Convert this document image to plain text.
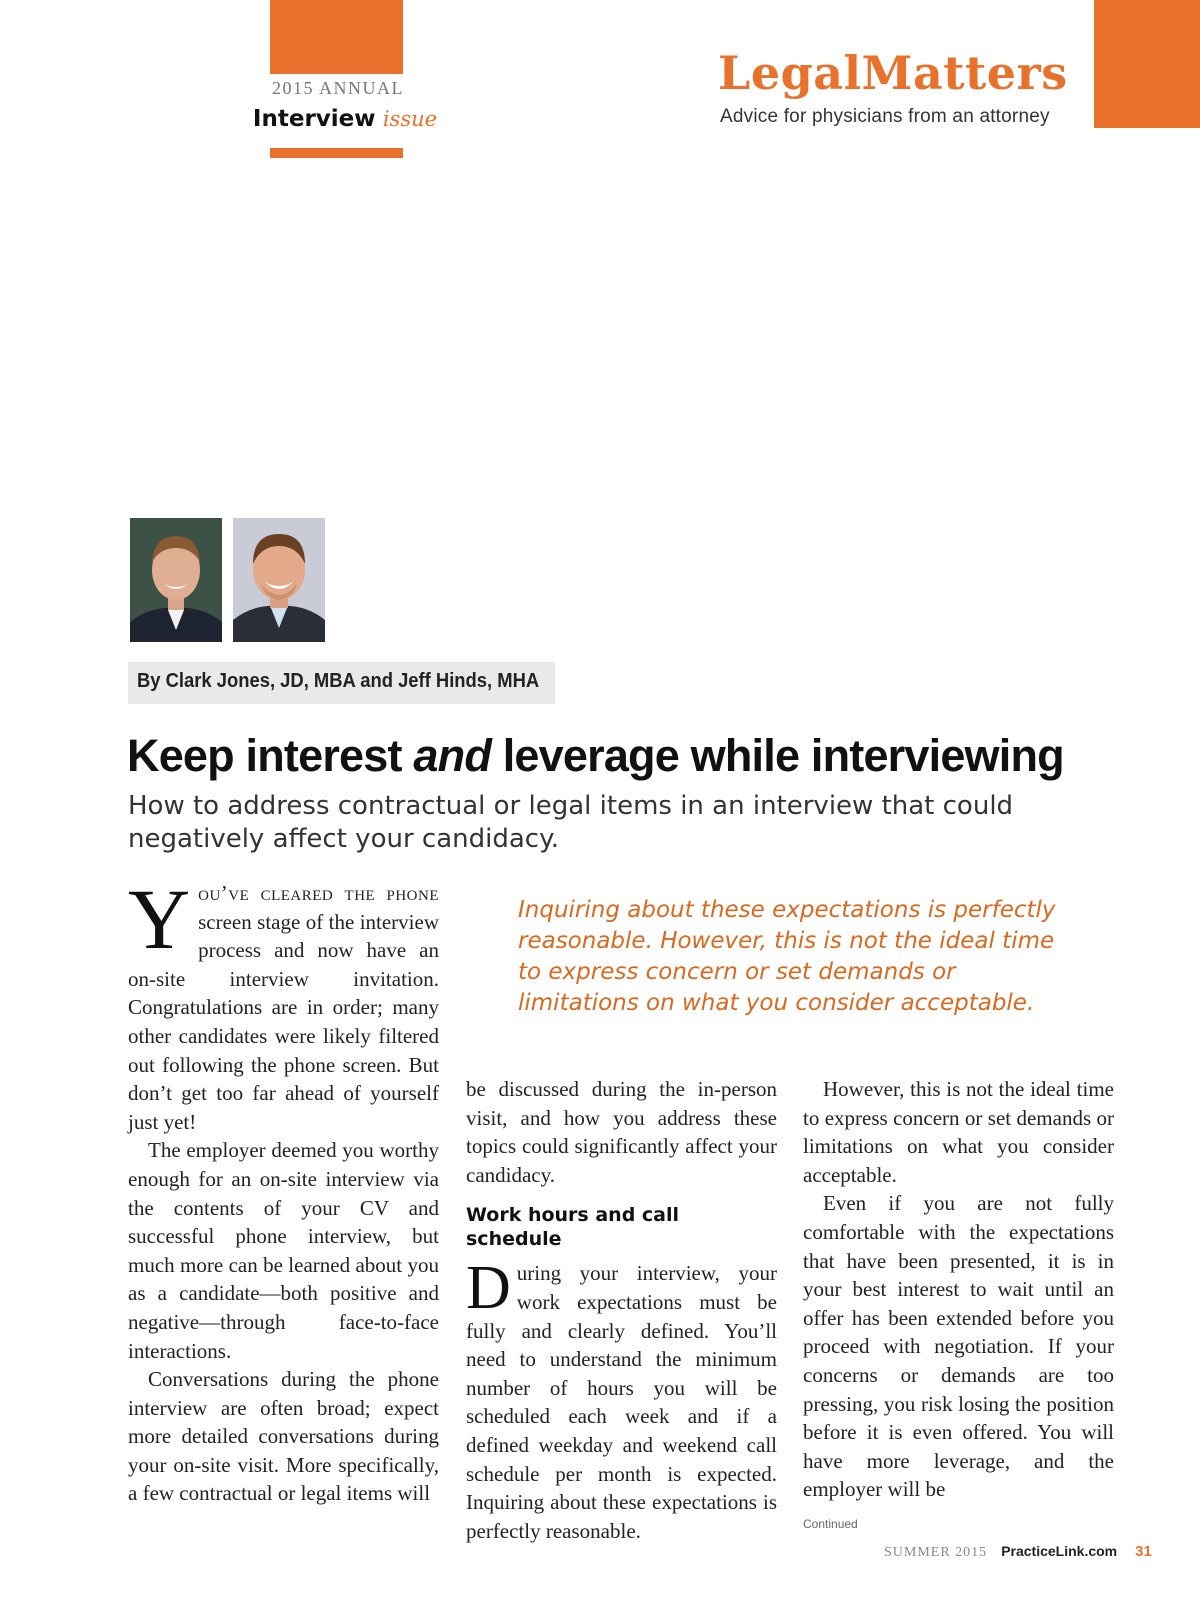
2015 ANNUAL
Interview issue
LegalMatters
Advice for physicians from an attorney
By Clark Jones, JD, MBA and Jeff Hinds, MHA
Keep interest and leverage while interviewing
How to address contractual or legal items in an interview that could negatively affect your candidacy.
Inquiring about these expectations is perfectly reasonable. However, this is not the ideal time to express concern or set demands or limitations on what you consider acceptable.

You’ve cleared the phone screen stage of the interview process and now have an on-site interview invitation. Congratulations are in order; many other candidates were likely filtered out following the phone screen. But don’t get too far ahead of yourself just yet!

The employer deemed you worthy enough for an on-site interview via the contents of your CV and successful phone interview, but much more can be learned about you as a candidate—both positive and negative—through face-to-face interactions.

Conversations during the phone interview are often broad; expect more detailed conversations during your on-site visit. More specifically, a few contractual or legal items will

be discussed during the in-person visit, and how you address these topics could significantly affect your candidacy.

Work hours and call schedule

During your interview, your work expectations must be fully and clearly defined. You’ll need to understand the minimum number of hours you will be scheduled each week and if a defined weekday and weekend call schedule per month is expected. Inquiring about these expectations is perfectly reasonable.

However, this is not the ideal time to express concern or set demands or limitations on what you consider acceptable.

Even if you are not fully comfortable with the expectations that have been presented, it is in your best interest to wait until an offer has been extended before you proceed with negotiation. If your concerns or demands are too pressing, you risk losing the position before it is even offered. You will have more leverage, and the employer will be

Continued
SUMMER 2015 PracticeLink.com 31
